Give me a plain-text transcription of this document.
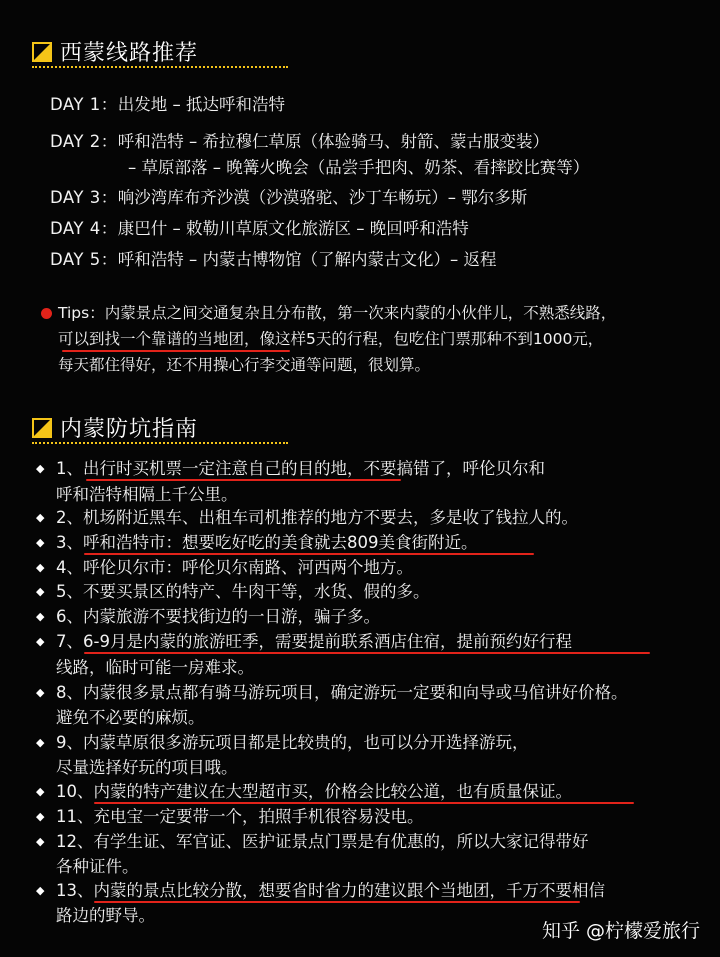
西蒙线路推荐
DAY 1：出发地 – 抵达呼和浩特
DAY 2：呼和浩特 – 希拉穆仁草原（体验骑马、射箭、蒙古服变装）
– 草原部落 – 晚篝火晚会（品尝手把肉、奶茶、看摔跤比赛等）
DAY 3：响沙湾库布齐沙漠（沙漠骆驼、沙丁车畅玩）– 鄂尔多斯
DAY 4：康巴什 – 敕勒川草原文化旅游区 – 晚回呼和浩特
DAY 5：呼和浩特 – 内蒙古博物馆（了解内蒙古文化）– 返程
Tips：内蒙景点之间交通复杂且分布散，第一次来内蒙的小伙伴儿，不熟悉线路，
可以到找一个靠谱的当地团，像这样5天的行程，包吃住门票那种不到1000元，
每天都住得好，还不用操心行李交通等问题，很划算。
内蒙防坑指南
◆ 1、出行时买机票一定注意自己的目的地，不要搞错了，呼伦贝尔和
呼和浩特相隔上千公里。
◆ 2、机场附近黑车、出租车司机推荐的地方不要去，多是收了钱拉人的。
◆ 3、呼和浩特市：想要吃好吃的美食就去809美食街附近。
◆ 4、呼伦贝尔市：呼伦贝尔南路、河西两个地方。
◆ 5、不要买景区的特产、牛肉干等，水货、假的多。
◆ 6、内蒙旅游不要找街边的一日游，骗子多。
◆ 7、6-9月是内蒙的旅游旺季，需要提前联系酒店住宿，提前预约好行程
线路，临时可能一房难求。
◆ 8、内蒙很多景点都有骑马游玩项目，确定游玩一定要和向导或马倌讲好价格。
避免不必要的麻烦。
◆ 9、内蒙草原很多游玩项目都是比较贵的，也可以分开选择游玩，
尽量选择好玩的项目哦。
◆ 10、内蒙的特产建议在大型超市买，价格会比较公道，也有质量保证。
◆ 11、充电宝一定要带一个，拍照手机很容易没电。
◆ 12、有学生证、军官证、医护证景点门票是有优惠的，所以大家记得带好
各种证件。
◆ 13、内蒙的景点比较分散，想要省时省力的建议跟个当地团，千万不要相信
路边的野导。
知乎 @柠檬爱旅行
